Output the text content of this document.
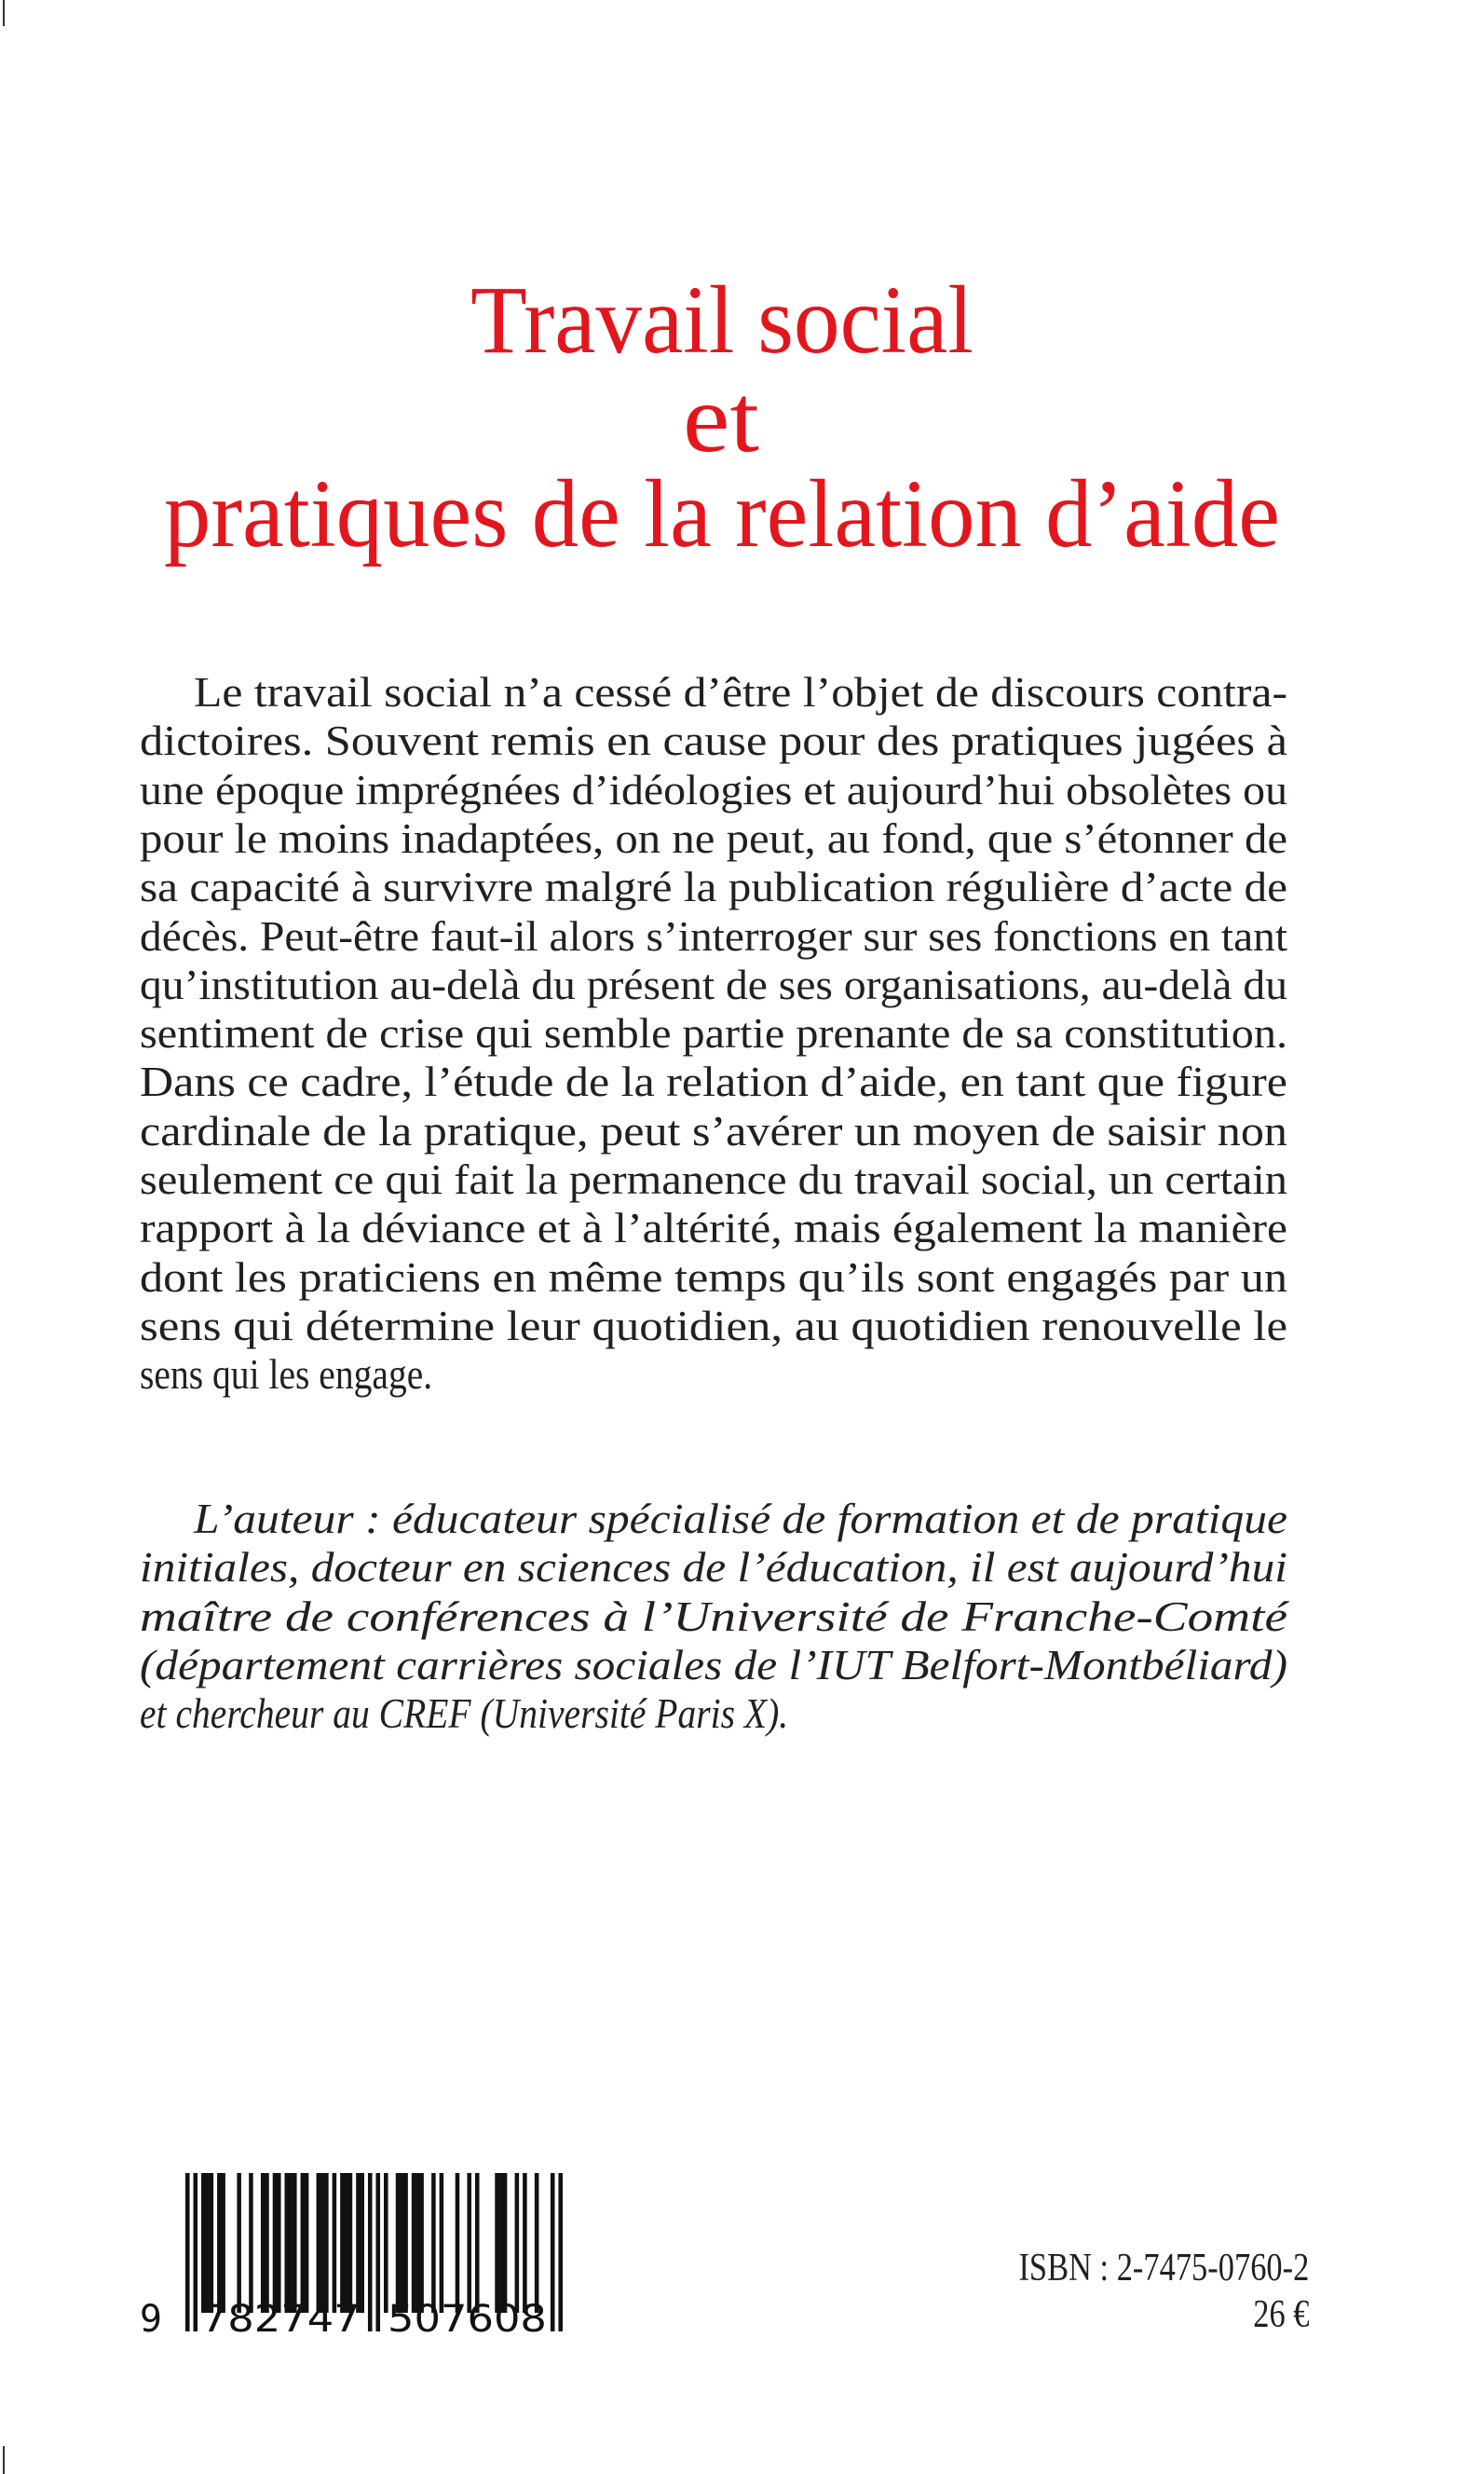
Travail social
et
pratiques de la relation d’aide
Le travail social n’a cessé d’être l’objet de discours contra-
dictoires. Souvent remis en cause pour des pratiques jugées à
une époque imprégnées d’idéologies et aujourd’hui obsolètes ou
pour le moins inadaptées, on ne peut, au fond, que s’étonner de
sa capacité à survivre malgré la publication régulière d’acte de
décès. Peut-être faut-il alors s’interroger sur ses fonctions en tant
qu’institution au-delà du présent de ses organisations, au-delà du
sentiment de crise qui semble partie prenante de sa constitution.
Dans ce cadre, l’étude de la relation d’aide, en tant que figure
cardinale de la pratique, peut s’avérer un moyen de saisir non
seulement ce qui fait la permanence du travail social, un certain
rapport à la déviance et à l’altérité, mais également la manière
dont les praticiens en même temps qu’ils sont engagés par un
sens qui détermine leur quotidien, au quotidien renouvelle le
sens qui les engage.
L’auteur : éducateur spécialisé de formation et de pratique
initiales, docteur en sciences de l’éducation, il est aujourd’hui
maître de conférences à l’Université de Franche-Comté
(département carrières sociales de l’IUT Belfort-Montbéliard)
et chercheur au CREF (Université Paris X).
9 782747 507608
ISBN : 2-7475-0760-2
26 €
